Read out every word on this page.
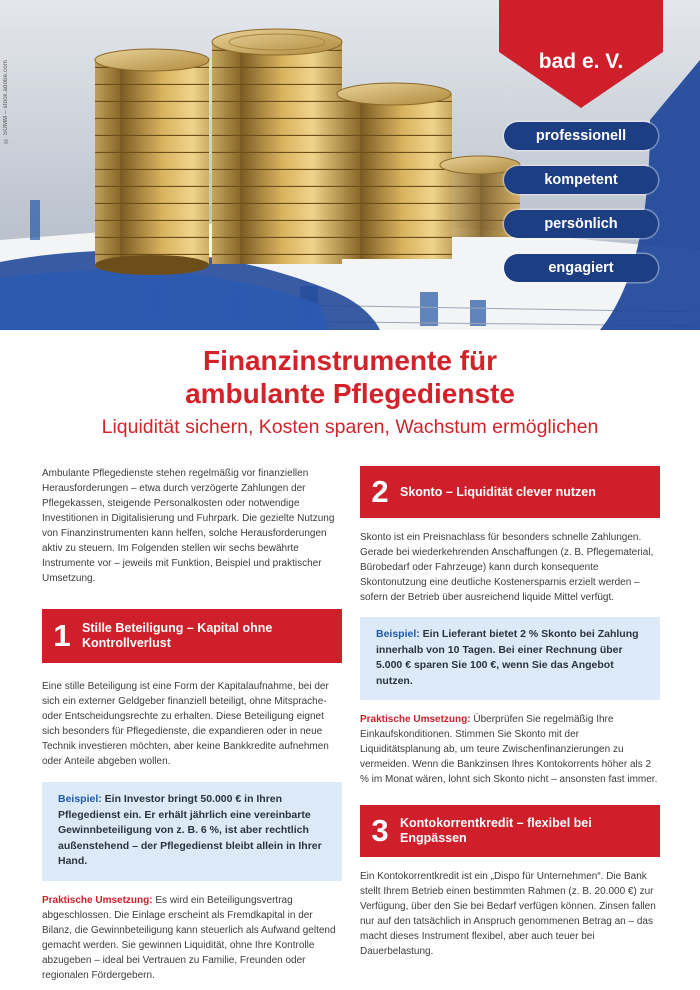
© SOMM – stock.adobe.com	bad e. V.
professionell
kompetent
persönlich
engagiert
Finanzinstrumente für
ambulante Pflegedienste
Liquidität sichern, Kosten sparen, Wachstum ermöglichen

Ambulante Pflegedienste stehen regelmäßig vor finanziellen Herausforderungen – etwa durch verzögerte Zahlungen der Pflegekassen, steigende Personalkosten oder notwendige Investitionen in Digitalisierung und Fuhrpark. Die gezielte Nutzung von Finanzinstrumenten kann helfen, solche Herausforderungen aktiv zu steuern. Im Folgenden stellen wir sechs bewährte Instrumente vor – jeweils mit Funktion, Beispiel und praktischer Umsetzung.

1 Stille Beteiligung – Kapital ohne Kontrollverlust

Eine stille Beteiligung ist eine Form der Kapitalaufnahme, bei der sich ein externer Geldgeber finanziell beteiligt, ohne Mitsprache- oder Entscheidungsrechte zu erhalten. Diese Beteiligung eignet sich besonders für Pflegedienste, die expandieren oder in neue Technik investieren möchten, aber keine Bankkredite aufnehmen oder Anteile abgeben wollen.

Beispiel: Ein Investor bringt 50.000 € in Ihren Pflegedienst ein. Er erhält jährlich eine vereinbarte Gewinnbeteiligung von z. B. 6 %, ist aber rechtlich außenstehend – der Pflegedienst bleibt allein in Ihrer Hand.

Praktische Umsetzung: Es wird ein Beteiligungsvertrag abgeschlossen. Die Einlage erscheint als Fremdkapital in der Bilanz, die Gewinnbeteiligung kann steuerlich als Aufwand geltend gemacht werden. Sie gewinnen Liquidität, ohne Ihre Kontrolle abzugeben – ideal bei Vertrauen zu Familie, Freunden oder regionalen Fördergebern.

2 Skonto – Liquidität clever nutzen

Skonto ist ein Preisnachlass für besonders schnelle Zahlungen. Gerade bei wiederkehrenden Anschaffungen (z. B. Pflegematerial, Bürobedarf oder Fahrzeuge) kann durch konsequente Skontonutzung eine deutliche Kostenersparnis erzielt werden – sofern der Betrieb über ausreichend liquide Mittel verfügt.

Beispiel: Ein Lieferant bietet 2 % Skonto bei Zahlung innerhalb von 10 Tagen. Bei einer Rechnung über 5.000 € sparen Sie 100 €, wenn Sie das Angebot nutzen.

Praktische Umsetzung: Überprüfen Sie regelmäßig Ihre Einkaufskonditionen. Stimmen Sie Skonto mit der Liquiditätsplanung ab, um teure Zwischenfinanzierungen zu vermeiden. Wenn die Bankzinsen Ihres Kontokorrents höher als 2 % im Monat wären, lohnt sich Skonto nicht – ansonsten fast immer.

3 Kontokorrentkredit – flexibel bei Engpässen

Ein Kontokorrentkredit ist ein „Dispo für Unternehmen“. Die Bank stellt Ihrem Betrieb einen bestimmten Rahmen (z. B. 20.000 €) zur Verfügung, über den Sie bei Bedarf verfügen können. Zinsen fallen nur auf den tatsächlich in Anspruch genommenen Betrag an – das macht dieses Instrument flexibel, aber auch teuer bei Dauerbelastung.
